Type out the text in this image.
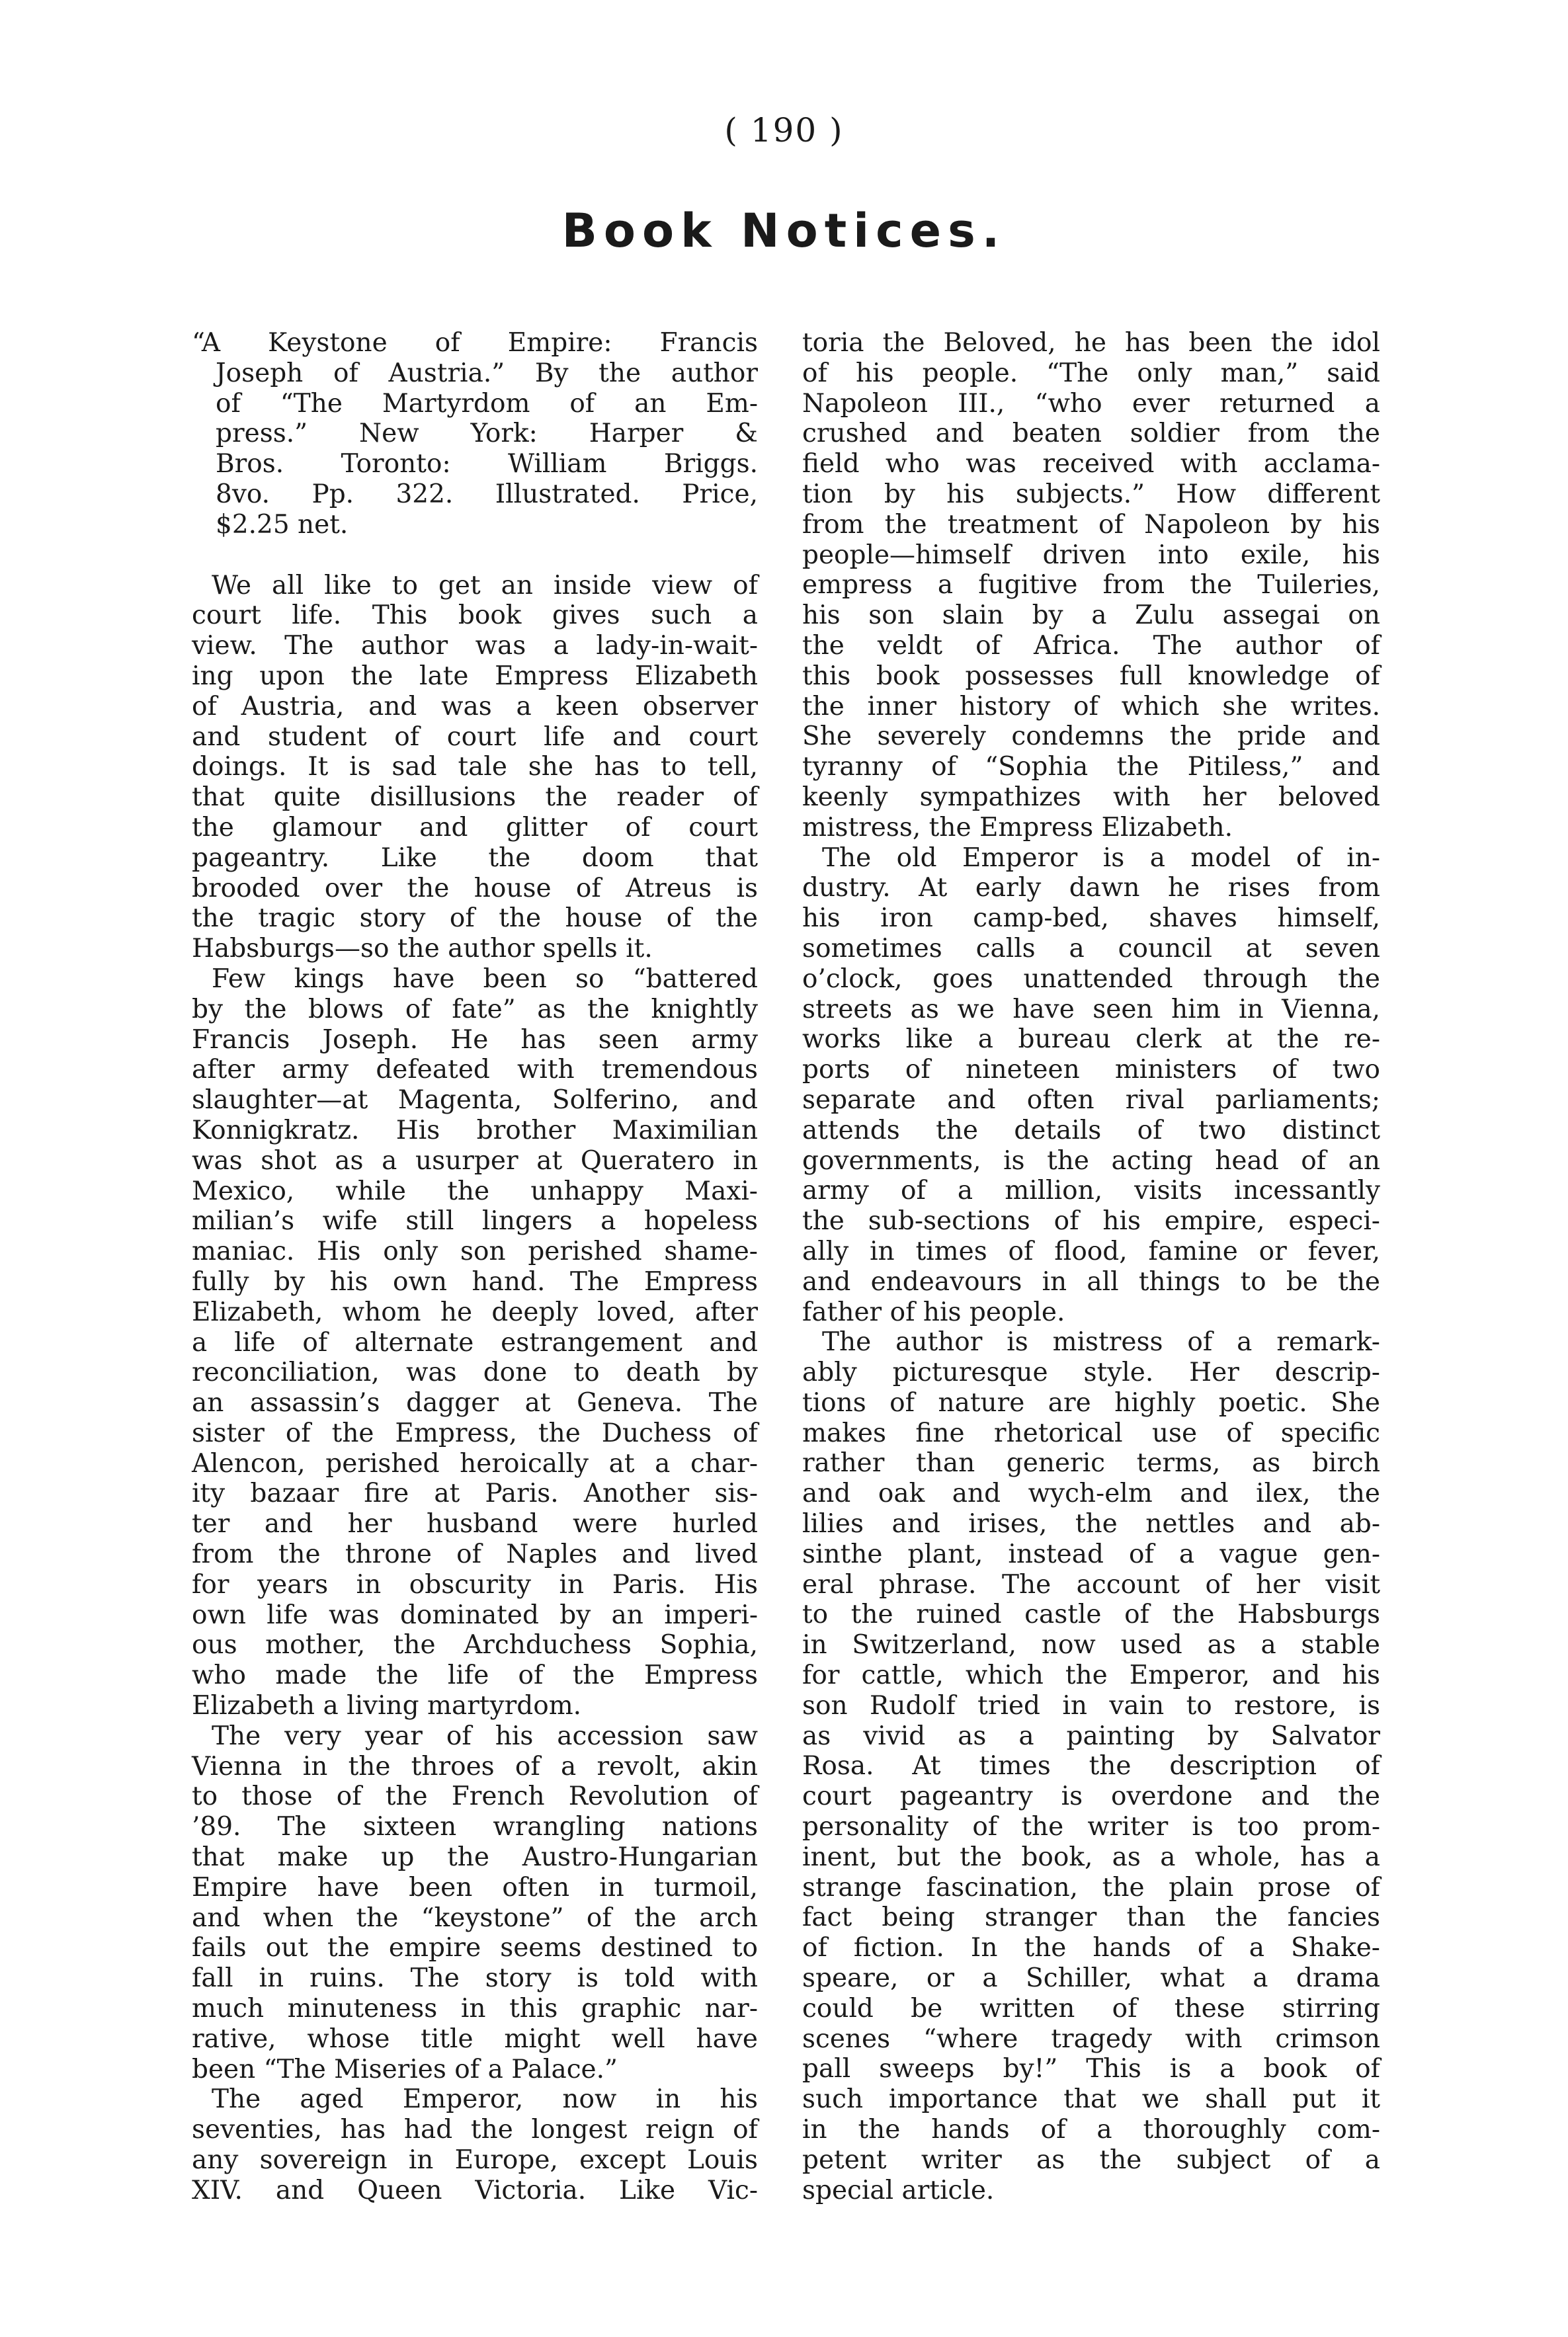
( 190 )
Book Notices.
“A Keystone of Empire: Francis
Joseph of Austria.” By the author
of “The Martyrdom of an Em-
press.” New York: Harper &
Bros. Toronto: William Briggs.
8vo. Pp. 322. Illustrated. Price,
$2.25 net.
We all like to get an inside view of
court life. This book gives such a
view. The author was a lady-in-wait-
ing upon the late Empress Elizabeth
of Austria, and was a keen observer
and student of court life and court
doings. It is sad tale she has to tell,
that quite disillusions the reader of
the glamour and glitter of court
pageantry. Like the doom that
brooded over the house of Atreus is
the tragic story of the house of the
Habsburgs—so the author spells it.
Few kings have been so “battered
by the blows of fate” as the knightly
Francis Joseph. He has seen army
after army defeated with tremendous
slaughter—at Magenta, Solferino, and
Konnigkratz. His brother Maximilian
was shot as a usurper at Queratero in
Mexico, while the unhappy Maxi-
milian’s wife still lingers a hopeless
maniac. His only son perished shame-
fully by his own hand. The Empress
Elizabeth, whom he deeply loved, after
a life of alternate estrangement and
reconciliation, was done to death by
an assassin’s dagger at Geneva. The
sister of the Empress, the Duchess of
Alencon, perished heroically at a char-
ity bazaar fire at Paris. Another sis-
ter and her husband were hurled
from the throne of Naples and lived
for years in obscurity in Paris. His
own life was dominated by an imperi-
ous mother, the Archduchess Sophia,
who made the life of the Empress
Elizabeth a living martyrdom.
The very year of his accession saw
Vienna in the throes of a revolt, akin
to those of the French Revolution of
’89. The sixteen wrangling nations
that make up the Austro-Hungarian
Empire have been often in turmoil,
and when the “keystone” of the arch
fails out the empire seems destined to
fall in ruins. The story is told with
much minuteness in this graphic nar-
rative, whose title might well have
been “The Miseries of a Palace.”
The aged Emperor, now in his
seventies, has had the longest reign of
any sovereign in Europe, except Louis
XIV. and Queen Victoria. Like Vic-
toria the Beloved, he has been the idol
of his people. “The only man,” said
Napoleon III., “who ever returned a
crushed and beaten soldier from the
field who was received with acclama-
tion by his subjects.” How different
from the treatment of Napoleon by his
people—himself driven into exile, his
empress a fugitive from the Tuileries,
his son slain by a Zulu assegai on
the veldt of Africa. The author of
this book possesses full knowledge of
the inner history of which she writes.
She severely condemns the pride and
tyranny of “Sophia the Pitiless,” and
keenly sympathizes with her beloved
mistress, the Empress Elizabeth.
The old Emperor is a model of in-
dustry. At early dawn he rises from
his iron camp-bed, shaves himself,
sometimes calls a council at seven
o’clock, goes unattended through the
streets as we have seen him in Vienna,
works like a bureau clerk at the re-
ports of nineteen ministers of two
separate and often rival parliaments;
attends the details of two distinct
governments, is the acting head of an
army of a million, visits incessantly
the sub-sections of his empire, especi-
ally in times of flood, famine or fever,
and endeavours in all things to be the
father of his people.
The author is mistress of a remark-
ably picturesque style. Her descrip-
tions of nature are highly poetic. She
makes fine rhetorical use of specific
rather than generic terms, as birch
and oak and wych-elm and ilex, the
lilies and irises, the nettles and ab-
sinthe plant, instead of a vague gen-
eral phrase. The account of her visit
to the ruined castle of the Habsburgs
in Switzerland, now used as a stable
for cattle, which the Emperor, and his
son Rudolf tried in vain to restore, is
as vivid as a painting by Salvator
Rosa. At times the description of
court pageantry is overdone and the
personality of the writer is too prom-
inent, but the book, as a whole, has a
strange fascination, the plain prose of
fact being stranger than the fancies
of fiction. In the hands of a Shake-
speare, or a Schiller, what a drama
could be written of these stirring
scenes “where tragedy with crimson
pall sweeps by!” This is a book of
such importance that we shall put it
in the hands of a thoroughly com-
petent writer as the subject of a
special article.
